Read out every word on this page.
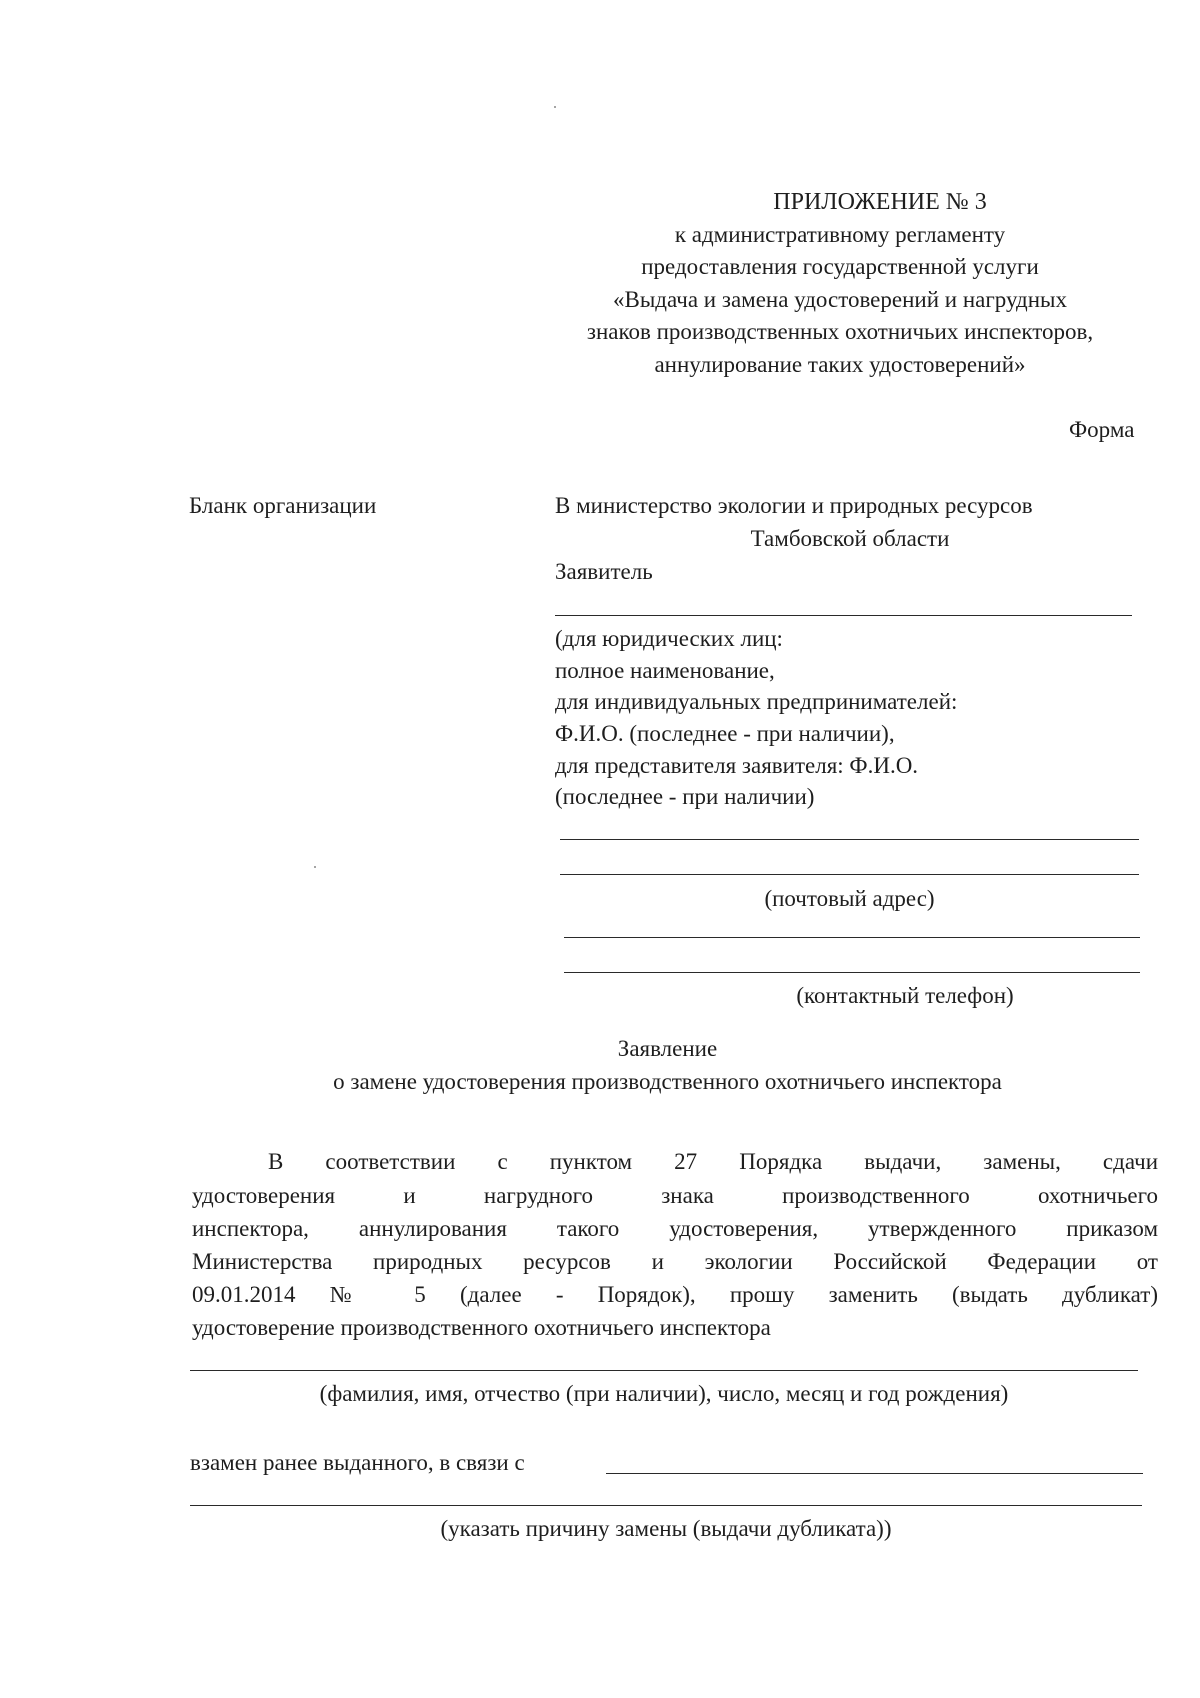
ПРИЛОЖЕНИЕ № 3
к административному регламенту
предоставления государственной услуги
«Выдача и замена удостоверений и нагрудных
знаков производственных охотничьих инспекторов,
аннулирование таких удостоверений»
Форма
Бланк организации	В министерство экологии и природных ресурсов
Тамбовской области
Заявитель
(для юридических лиц:
полное наименование,
для индивидуальных предпринимателей:
Ф.И.О. (последнее - при наличии),
для представителя заявителя: Ф.И.О.
(последнее - при наличии)
(почтовый адрес)
(контактный телефон)
Заявление
о замене удостоверения производственного охотничьего инспектора
В соответствии с пунктом 27 Порядка выдачи, замены, сдачи
удостоверения и нагрудного знака производственного охотничьего
инспектора, аннулирования такого удостоверения, утвержденного приказом
Министерства природных ресурсов и экологии Российской Федерации от
09.01.2014 № 5 (далее - Порядок), прошу заменить (выдать дубликат)
удостоверение производственного охотничьего инспектора
(фамилия, имя, отчество (при наличии), число, месяц и год рождения)
взамен ранее выданного, в связи с
(указать причину замены (выдачи дубликата))
